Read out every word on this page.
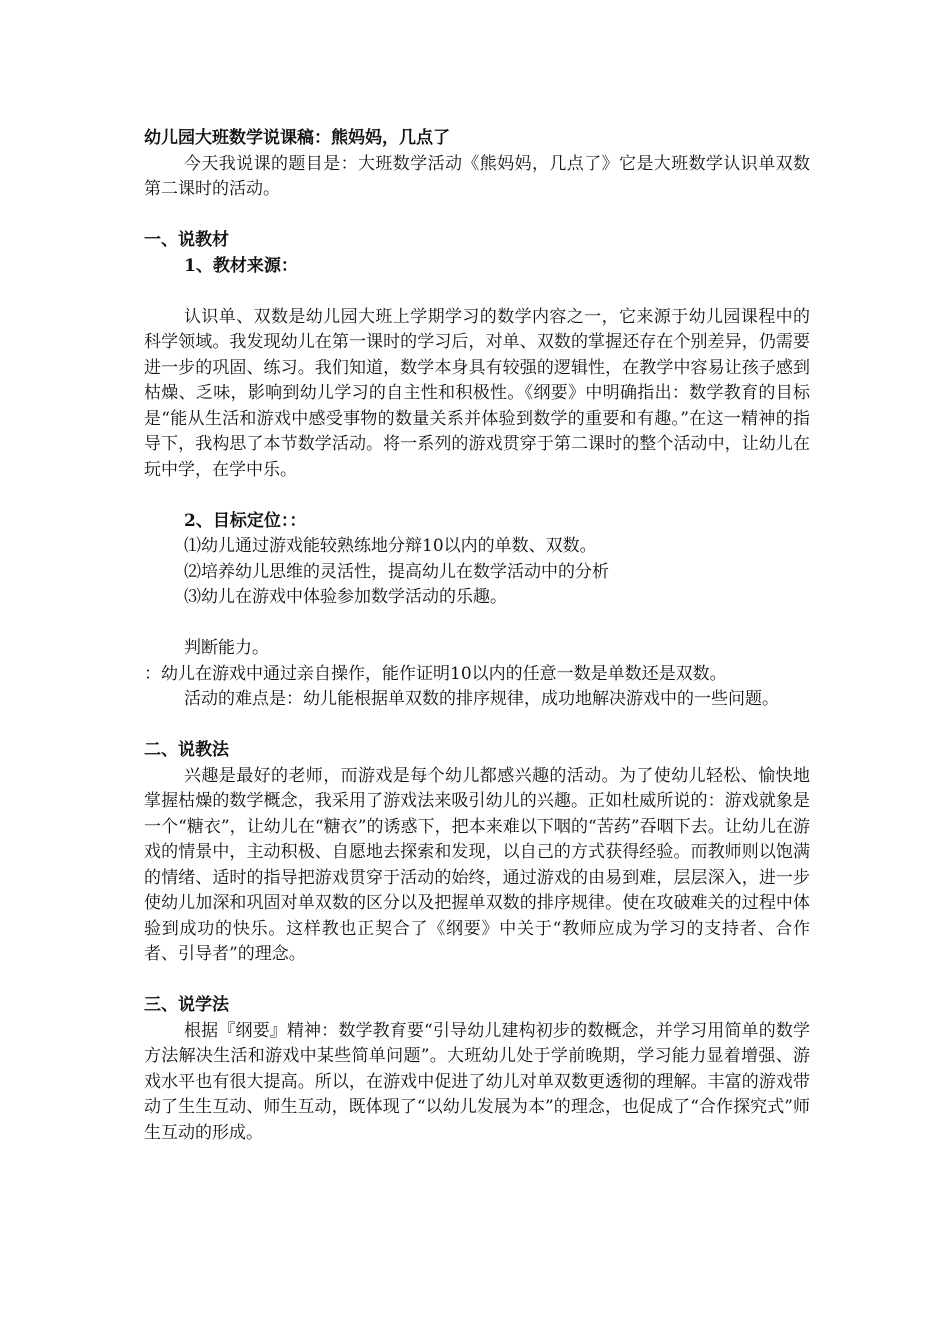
幼儿园大班数学说课稿：熊妈妈，几点了

今天我说课的题目是：大班数学活动《熊妈妈，几点了》它是大班数学认识单双数第二课时的活动。

一、说教材

1、教材来源：

认识单、双数是幼儿园大班上学期学习的数学内容之一，它来源于幼儿园课程中的科学领域。我发现幼儿在第一课时的学习后，对单、双数的掌握还存在个别差异，仍需要进一步的巩固、练习。我们知道，数学本身具有较强的逻辑性，在教学中容易让孩子感到枯燥、乏味，影响到幼儿学习的自主性和积极性。《纲要》中明确指出：数学教育的目标是“能从生活和游戏中感受事物的数量关系并体验到数学的重要和有趣。”在这一精神的指导下，我构思了本节数学活动。将一系列的游戏贯穿于第二课时的整个活动中，让幼儿在玩中学，在学中乐。

2、目标定位：：

⑴幼儿通过游戏能较熟练地分辩10以内的单数、双数。

⑵培养幼儿思维的灵活性，提高幼儿在数学活动中的分析

⑶幼儿在游戏中体验参加数学活动的乐趣。

判断能力。

：幼儿在游戏中通过亲自操作，能作证明10以内的任意一数是单数还是双数。

活动的难点是：幼儿能根据单双数的排序规律，成功地解决游戏中的一些问题。

二、说教法

兴趣是最好的老师，而游戏是每个幼儿都感兴趣的活动。为了使幼儿轻松、愉快地掌握枯燥的数学概念，我采用了游戏法来吸引幼儿的兴趣。正如杜威所说的：游戏就象是一个“糖衣”，让幼儿在“糖衣”的诱惑下，把本来难以下咽的“苦药”吞咽下去。让幼儿在游戏的情景中，主动积极、自愿地去探索和发现，以自己的方式获得经验。而教师则以饱满的情绪、适时的指导把游戏贯穿于活动的始终，通过游戏的由易到难，层层深入，进一步使幼儿加深和巩固对单双数的区分以及把握单双数的排序规律。使在攻破难关的过程中体验到成功的快乐。这样教也正契合了《纲要》中关于“教师应成为学习的支持者、合作者、引导者”的理念。

三、说学法

根据『纲要』精神：数学教育要“引导幼儿建构初步的数概念，并学习用简单的数学方法解决生活和游戏中某些简单问题”。大班幼儿处于学前晚期，学习能力显着增强、游戏水平也有很大提高。所以，在游戏中促进了幼儿对单双数更透彻的理解。丰富的游戏带动了生生互动、师生互动，既体现了“以幼儿发展为本”的理念，也促成了“合作探究式”师生互动的形成。
